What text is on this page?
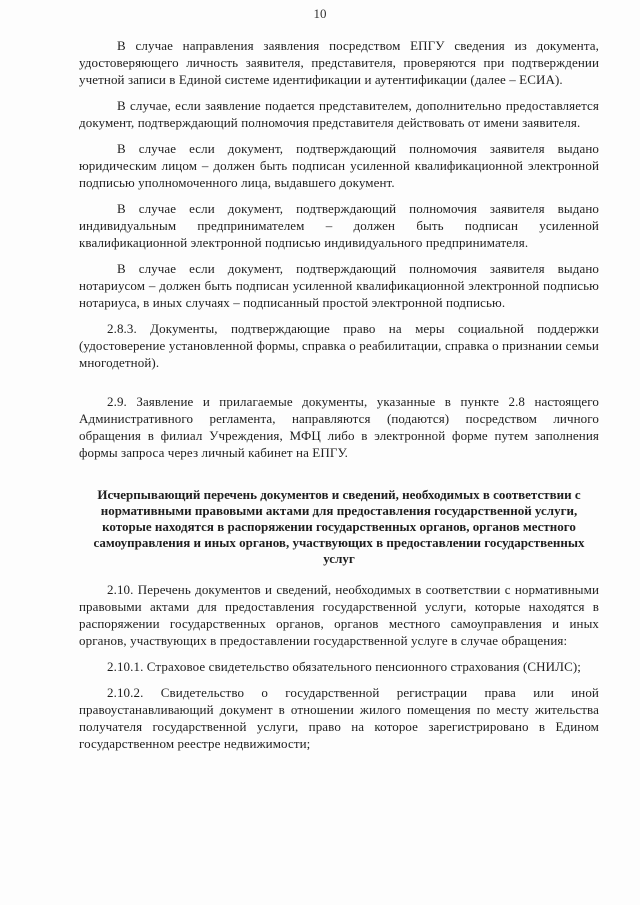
10

В случае направления заявления посредством ЕПГУ сведения из документа, удостоверяющего личность заявителя, представителя, проверяются при подтверждении учетной записи в Единой системе идентификации и аутентификации (далее – ЕСИА).

В случае, если заявление подается представителем, дополнительно предоставляется документ, подтверждающий полномочия представителя действовать от имени заявителя.

В случае если документ, подтверждающий полномочия заявителя выдано юридическим лицом – должен быть подписан усиленной квалификационной электронной подписью уполномоченного лица, выдавшего документ.

В случае если документ, подтверждающий полномочия заявителя выдано индивидуальным предпринимателем – должен быть подписан усиленной квалификационной электронной подписью индивидуального предпринимателя.

В случае если документ, подтверждающий полномочия заявителя выдано нотариусом – должен быть подписан усиленной квалификационной электронной подписью нотариуса, в иных случаях – подписанный простой электронной подписью.

2.8.3. Документы, подтверждающие право на меры социальной поддержки (удостоверение установленной формы, справка о реабилитации, справка о признании семьи многодетной).

2.9. Заявление и прилагаемые документы, указанные в пункте 2.8 настоящего Административного регламента, направляются (подаются) посредством личного обращения в филиал Учреждения, МФЦ либо в электронной форме путем заполнения формы запроса через личный кабинет на ЕПГУ.

Исчерпывающий перечень документов и сведений, необходимых в соответствии с нормативными правовыми актами для предоставления государственной услуги, которые находятся в распоряжении государственных органов, органов местного самоуправления и иных органов, участвующих в предоставлении государственных услуг

2.10. Перечень документов и сведений, необходимых в соответствии с нормативными правовыми актами для предоставления государственной услуги, которые находятся в распоряжении государственных органов, органов местного самоуправления и иных органов, участвующих в предоставлении государственной услуге в случае обращения:

2.10.1. Страховое свидетельство обязательного пенсионного страхования (СНИЛС);

2.10.2. Свидетельство о государственной регистрации права или иной правоустанавливающий документ в отношении жилого помещения по месту жительства получателя государственной услуги, право на которое зарегистрировано в Едином государственном реестре недвижимости;
